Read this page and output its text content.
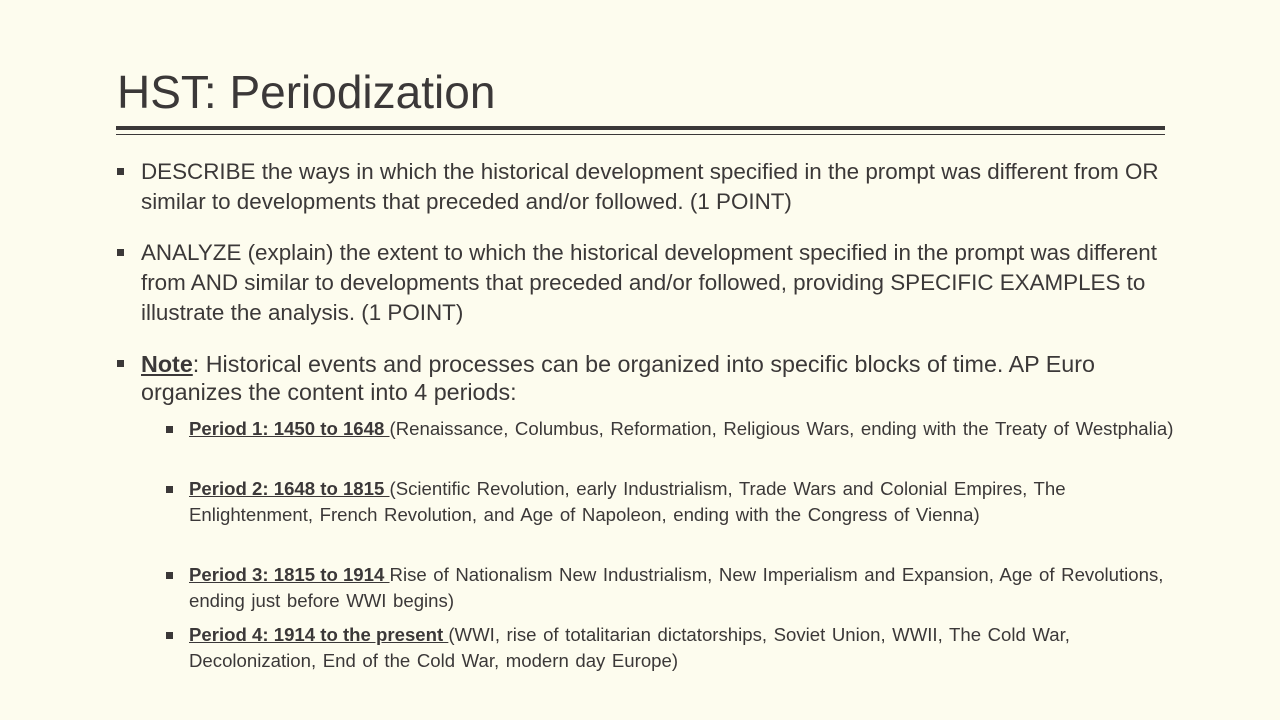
HST: Periodization

DESCRIBE the ways in which the historical development specified in the prompt was different from OR similar to developments that preceded and/or followed. (1 POINT)

ANALYZE (explain) the extent to which the historical development specified in the prompt was different from AND similar to developments that preceded and/or followed, providing SPECIFIC EXAMPLES to illustrate the analysis. (1 POINT)

Note: Historical events and processes can be organized into specific blocks of time. AP Euro organizes the content into 4 periods:

Period 1: 1450 to 1648 (Renaissance, Columbus, Reformation, Religious Wars, ending with the Treaty of Westphalia)

Period 2: 1648 to 1815 (Scientific Revolution, early Industrialism, Trade Wars and Colonial Empires, The Enlightenment, French Revolution, and Age of Napoleon, ending with the Congress of Vienna)

Period 3: 1815 to 1914 Rise of Nationalism New Industrialism, New Imperialism and Expansion, Age of Revolutions, ending just before WWI begins)

Period 4: 1914 to the present (WWI, rise of totalitarian dictatorships, Soviet Union, WWII, The Cold War, Decolonization, End of the Cold War, modern day Europe)
